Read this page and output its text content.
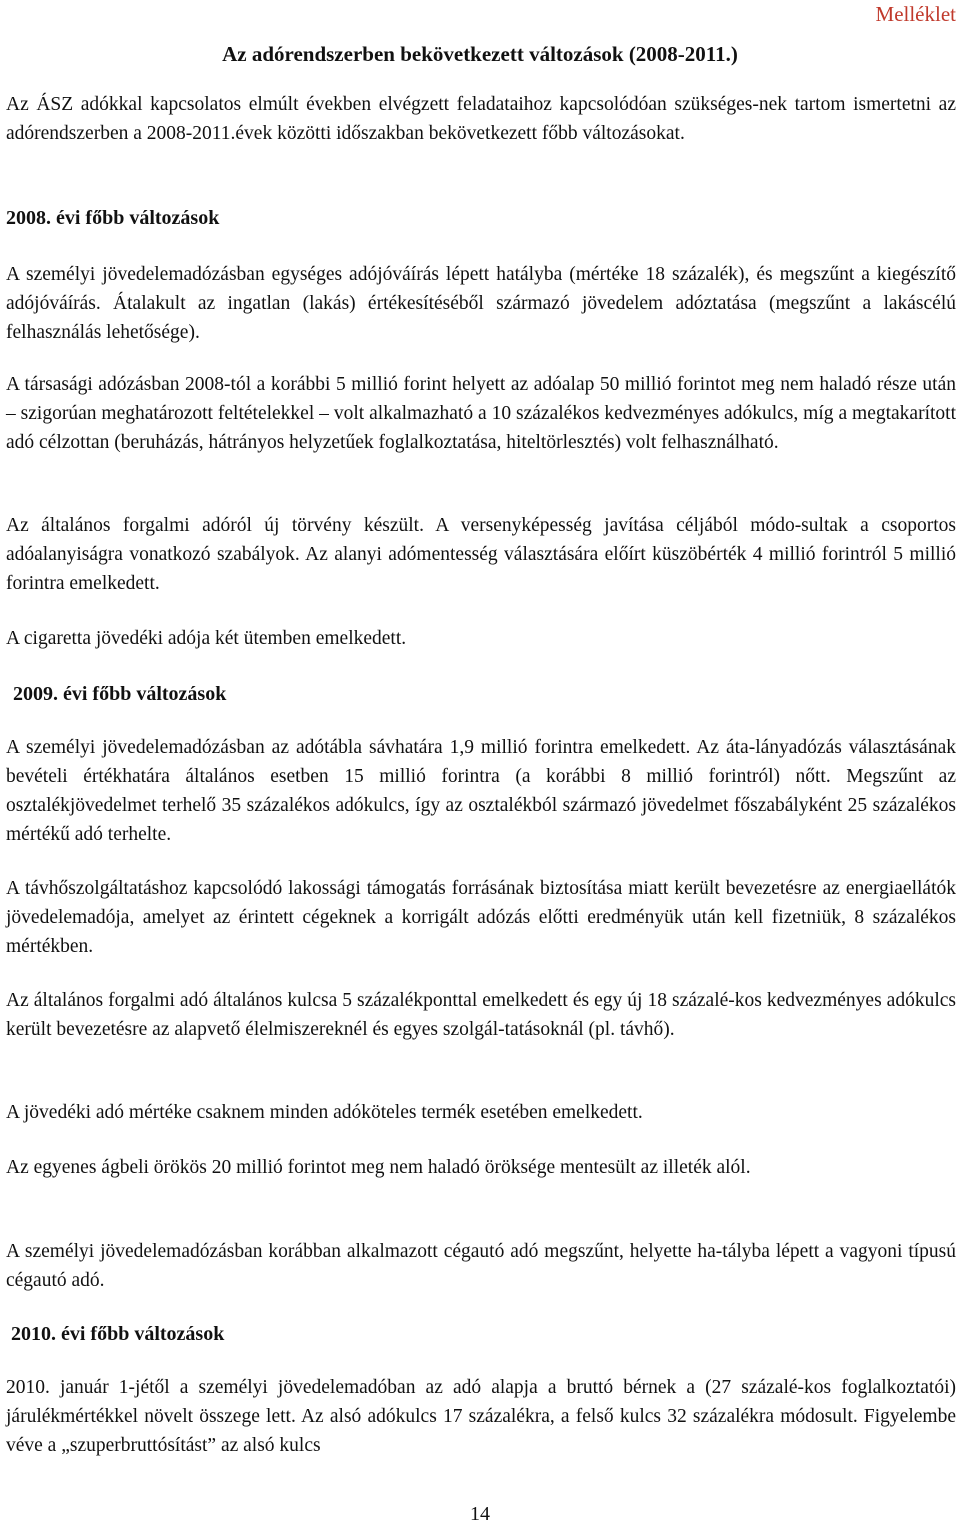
Melléklet
Az adórendszerben bekövetkezett változások (2008-2011.)

Az ÁSZ adókkal kapcsolatos elmúlt években elvégzett feladataihoz kapcsolódóan szükséges-nek tartom ismertetni az adórendszerben a 2008-2011.évek közötti időszakban bekövetkezett főbb változásokat.

2008. évi főbb változások

A személyi jövedelemadózásban egységes adójóváírás lépett hatályba (mértéke 18 százalék), és megszűnt a kiegészítő adójóváírás. Átalakult az ingatlan (lakás) értékesítéséből származó jövedelem adóztatása (megszűnt a lakáscélú felhasználás lehetősége).

A társasági adózásban 2008-tól a korábbi 5 millió forint helyett az adóalap 50 millió forintot meg nem haladó része után – szigorúan meghatározott feltételekkel – volt alkalmazható a 10 százalékos kedvezményes adókulcs, míg a megtakarított adó célzottan (beruházás, hátrányos helyzetűek foglalkoztatása, hiteltörlesztés) volt felhasználható.

Az általános forgalmi adóról új törvény készült. A versenyképesség javítása céljából módo-sultak a csoportos adóalanyiságra vonatkozó szabályok. Az alanyi adómentesség választására előírt küszöbérték 4 millió forintról 5 millió forintra emelkedett.

A cigaretta jövedéki adója két ütemben emelkedett.

2009. évi főbb változások

A személyi jövedelemadózásban az adótábla sávhatára 1,9 millió forintra emelkedett. Az áta-lányadózás választásának bevételi értékhatára általános esetben 15 millió forintra (a korábbi 8 millió forintról) nőtt. Megszűnt az osztalékjövedelmet terhelő 35 százalékos adókulcs, így az osztalékból származó jövedelmet főszabályként 25 százalékos mértékű adó terhelte.

A távhőszolgáltatáshoz kapcsolódó lakossági támogatás forrásának biztosítása miatt került bevezetésre az energiaellátók jövedelemadója, amelyet az érintett cégeknek a korrigált adózás előtti eredményük után kell fizetniük, 8 százalékos mértékben.

Az általános forgalmi adó általános kulcsa 5 százalékponttal emelkedett és egy új 18 százalé-kos kedvezményes adókulcs került bevezetésre az alapvető élelmiszereknél és egyes szolgál-tatásoknál (pl. távhő).

A jövedéki adó mértéke csaknem minden adóköteles termék esetében emelkedett.

Az egyenes ágbeli örökös 20 millió forintot meg nem haladó öröksége mentesült az illeték alól.

A személyi jövedelemadózásban korábban alkalmazott cégautó adó megszűnt, helyette ha-tályba lépett a vagyoni típusú cégautó adó.

2010. évi főbb változások

2010. január 1-jétől a személyi jövedelemadóban az adó alapja a bruttó bérnek a (27 százalé-kos foglalkoztatói) járulékmértékkel növelt összege lett. Az alsó adókulcs 17 százalékra, a felső kulcs 32 százalékra módosult. Figyelembe véve a „szuperbruttósítást” az alsó kulcs

14
